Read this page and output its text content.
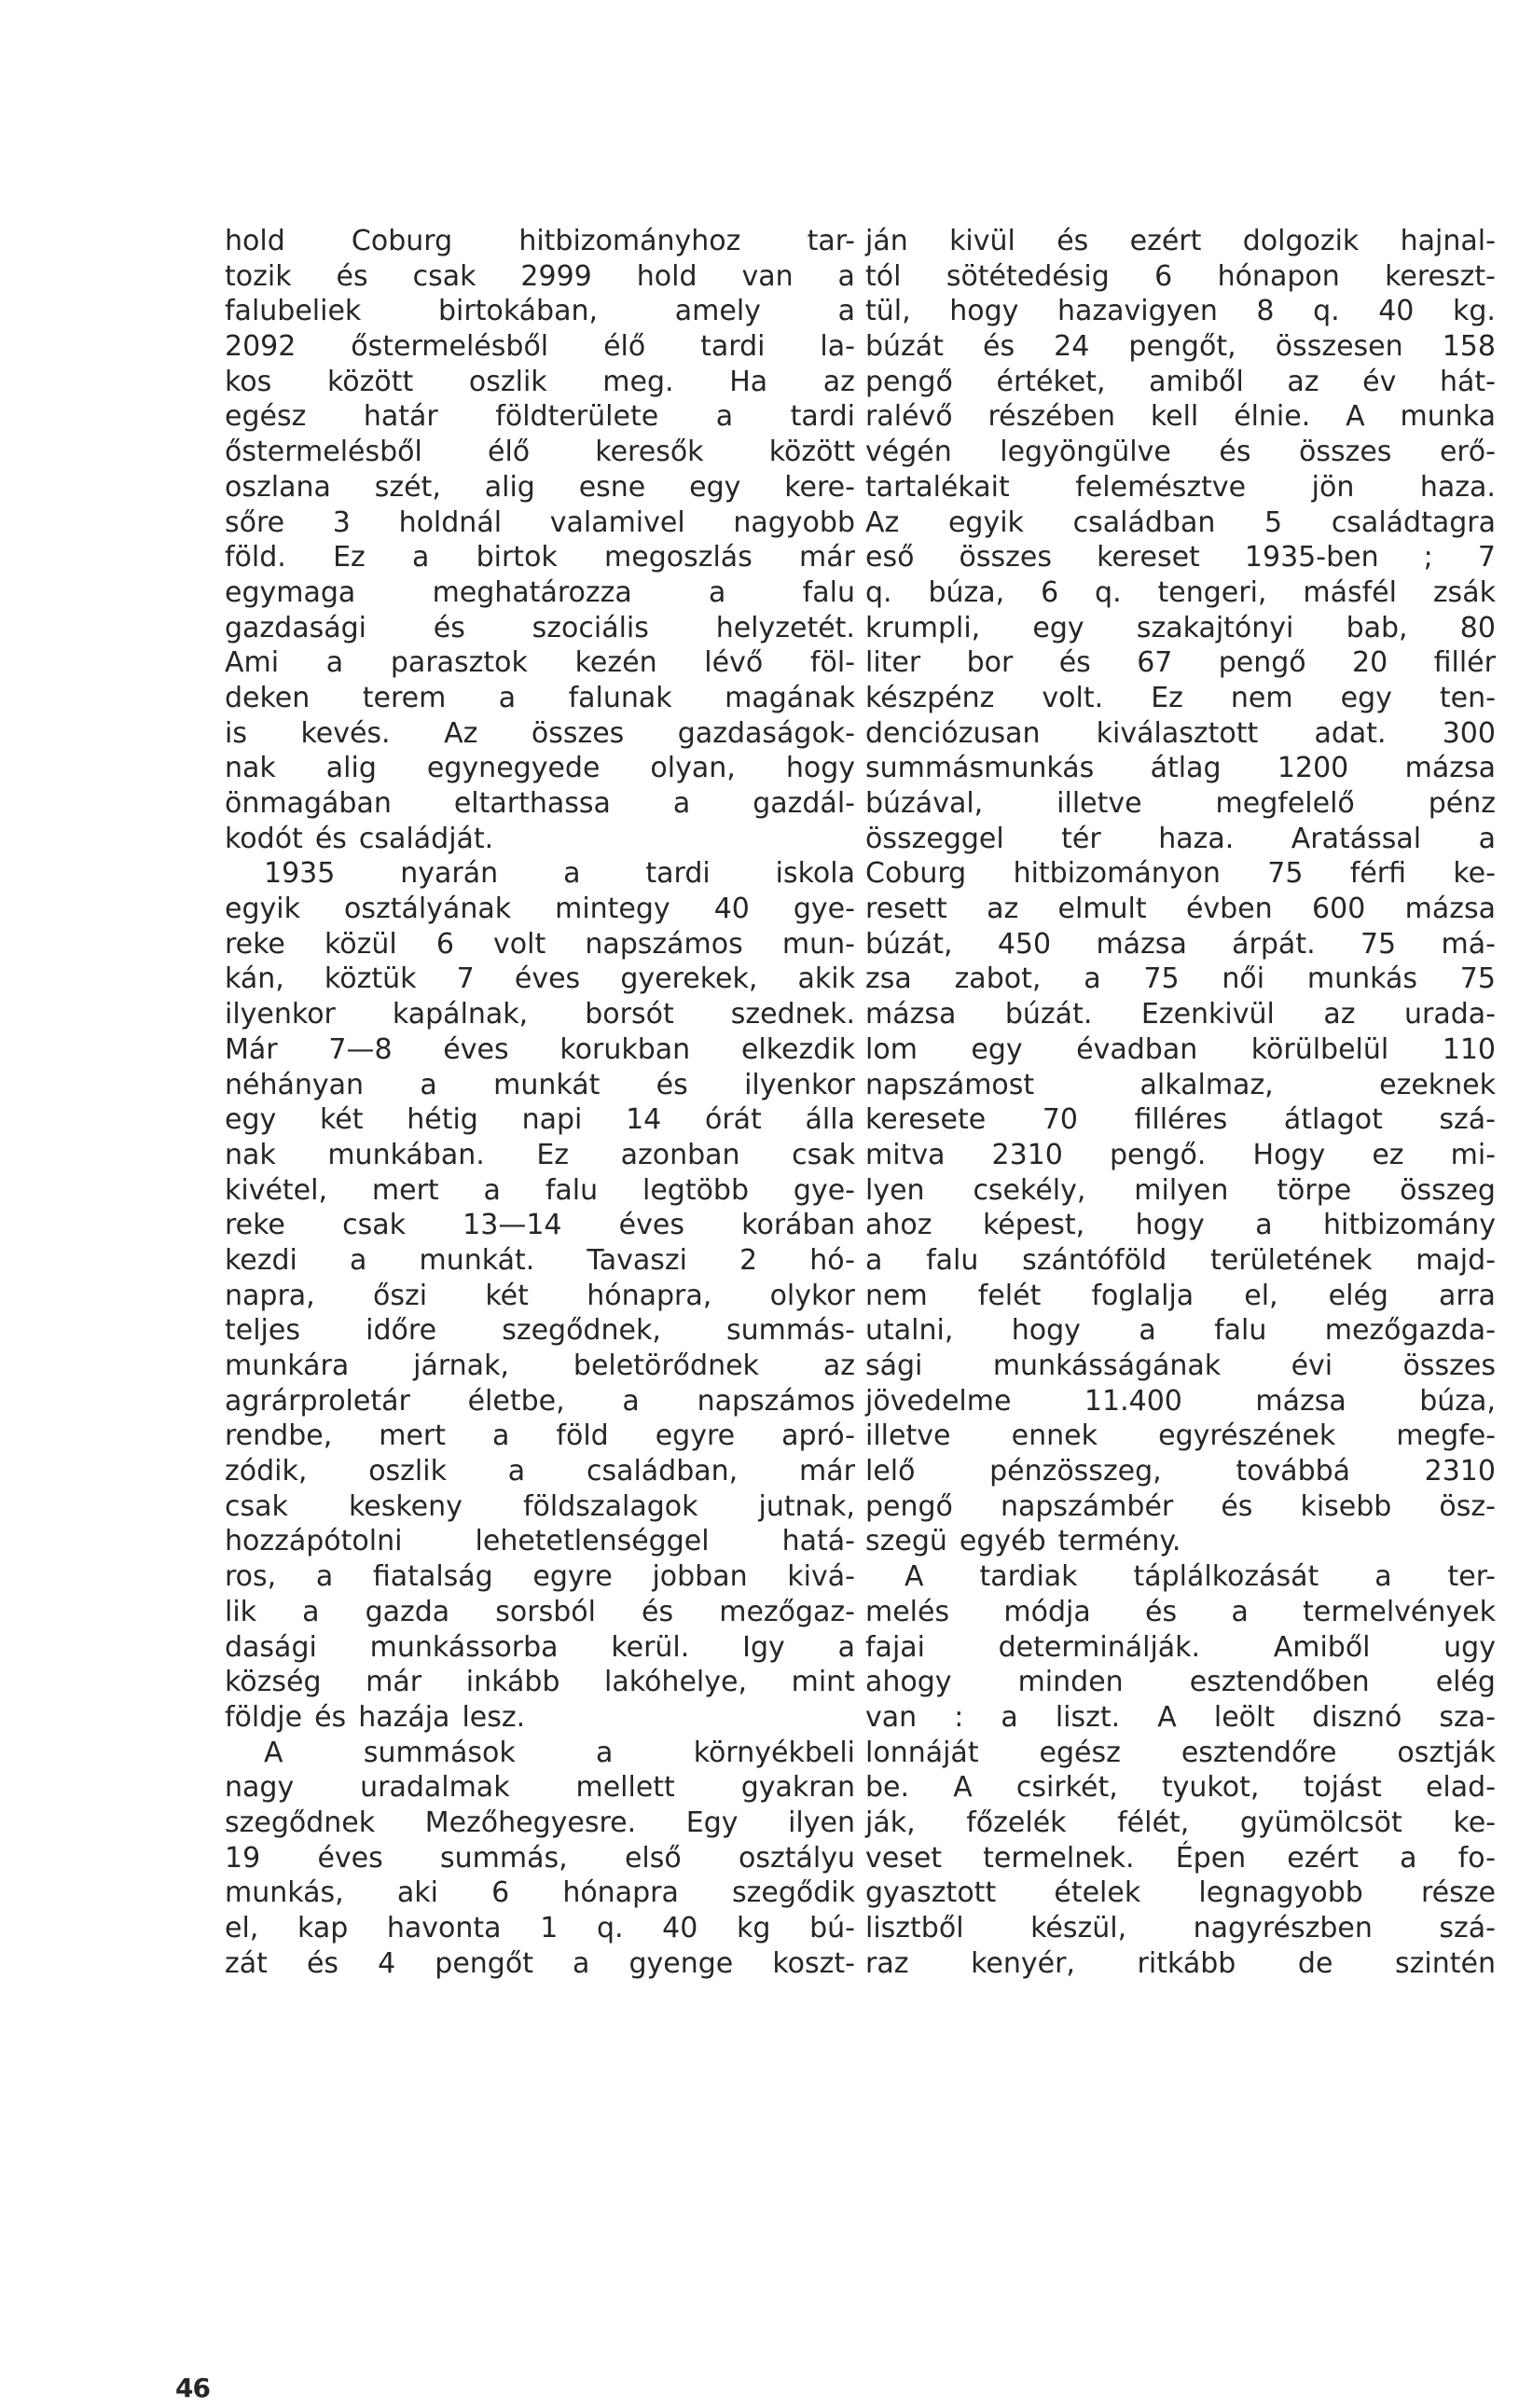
hold Coburg hitbizományhoz tar-
tozik és csak 2999 hold van a
falubeliek	birtokában,	amely	a
2092 őstermelésből élő tardi la-
kos között oszlik meg. Ha az
egész határ földterülete a tardi
őstermelésből élő keresők között
oszlana szét, alig esne egy kere-
sőre 3 holdnál valamivel nagyobb
föld. Ez a birtok megoszlás már
egymaga	meghatározza	a	falu
gazdasági és szociális helyzetét.
Ami a parasztok kezén lévő föl-
deken terem a falunak magának
is kevés. Az összes gazdaságok-
nak alig egynegyede olyan, hogy
önmagában eltarthassa a gazdál-
kodót és családját.
1935 nyarán a tardi iskola
egyik osztályának mintegy 40 gye-
reke közül 6 volt napszámos mun-
kán, köztük 7 éves gyerekek, akik
ilyenkor kapálnak, borsót szednek.
Már 7—8 éves korukban elkezdik
néhányan a munkát és ilyenkor
egy két hétig napi 14 órát álla
nak munkában. Ez azonban csak
kivétel, mert a falu legtöbb gye-
reke csak 13—14 éves korában
kezdi a munkát. Tavaszi 2 hó-
napra, őszi két hónapra, olykor
teljes időre szegődnek, summás-
munkára járnak, beletörődnek az
agrárproletár életbe, a napszámos
rendbe, mert a föld egyre apró-
zódik, oszlik a családban, már
csak keskeny földszalagok jutnak,
hozzápótolni	lehetetlenséggel	hatá-
ros, a fiatalság egyre jobban kivá-
lik a gazda sorsból és mezőgaz-
dasági munkássorba kerül. Igy a
község már inkább lakóhelye, mint
földje és hazája lesz.
A	summások	a	környékbeli
nagy uradalmak mellett gyakran
szegődnek Mezőhegyesre. Egy ilyen
19 éves summás, első osztályu
munkás, aki 6 hónapra szegődik
el, kap havonta 1 q. 40 kg bú-
zát és 4 pengőt a gyenge koszt-
ján kivül és ezért dolgozik hajnal-
tól sötétedésig 6 hónapon kereszt-
tül, hogy hazavigyen 8 q. 40 kg.
búzát és 24 pengőt, összesen 158
pengő értéket, amiből az év hát-
ralévő részében kell élnie. A munka
végén legyöngülve és összes erő-
tartalékait felemésztve jön haza.
Az egyik családban 5 családtagra
eső összes kereset 1935-ben ; 7
q. búza, 6 q. tengeri, másfél zsák
krumpli, egy szakajtónyi bab, 80
liter bor és 67 pengő 20 fillér
készpénz volt. Ez nem egy ten-
denciózusan kiválasztott adat. 300
summásmunkás átlag 1200 mázsa
búzával,	illetve	megfelelő	pénz
összeggel tér haza. Aratással a
Coburg hitbizományon 75 férfi ke-
resett az elmult évben 600 mázsa
búzát, 450 mázsa árpát. 75 má-
zsa zabot, a 75 női munkás 75
mázsa búzát. Ezenkivül az urada-
lom egy évadban körülbelül 110
napszámost	alkalmaz,	ezeknek
keresete 70 filléres átlagot szá-
mitva 2310 pengő. Hogy ez mi-
lyen csekély, milyen törpe összeg
ahoz képest, hogy a hitbizomány
a falu szántóföld területének majd-
nem felét foglalja el, elég arra
utalni, hogy a falu mezőgazda-
sági	munkásságának	évi	összes
jövedelme	11.400	mázsa	búza,
illetve ennek egyrészének megfe-
lelő	pénzösszeg,	továbbá	2310
pengő napszámbér és kisebb ösz-
szegü egyéb termény.
A tardiak táplálkozását a ter-
melés módja és a termelvények
fajai	determinálják.	Amiből	ugy
ahogy minden esztendőben elég
van : a liszt. A leölt disznó sza-
lonnáját egész esztendőre osztják
be. A csirkét, tyukot, tojást elad-
ják, főzelék félét, gyümölcsöt ke-
veset termelnek. Épen ezért a fo-
gyasztott ételek legnagyobb része
lisztből készül, nagyrészben szá-
raz kenyér, ritkább de szintén
46
